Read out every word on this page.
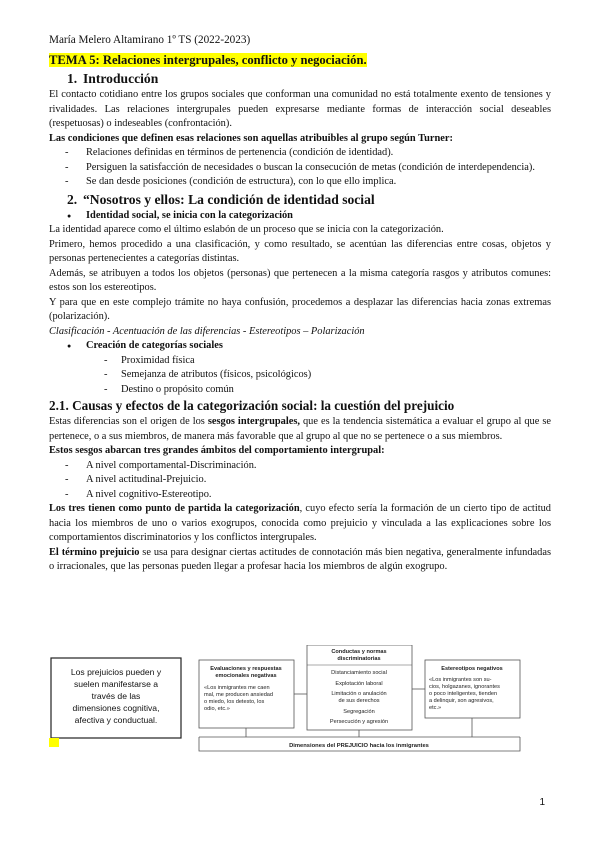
María Melero Altamirano 1º TS (2022-2023)
TEMA 5: Relaciones intergrupales, conflicto y negociación.
1. Introducción
El contacto cotidiano entre los grupos sociales que conforman una comunidad no está totalmente exento de tensiones y rivalidades. Las relaciones intergrupales pueden expresarse mediante formas de interacción social deseables (respetuosas) o indeseables (confrontación).
Las condiciones que definen esas relaciones son aquellas atribuibles al grupo según Turner:
- Relaciones definidas en términos de pertenencia (condición de identidad).
- Persiguen la satisfacción de necesidades o buscan la consecución de metas (condición de interdependencia).
- Se dan desde posiciones (condición de estructura), con lo que ello implica.
2. “Nosotros y ellos: La condición de identidad social
● Identidad social, se inicia con la categorización
La identidad aparece como el último eslabón de un proceso que se inicia con la categorización.
Primero, hemos procedido a una clasificación, y como resultado, se acentúan las diferencias entre cosas, objetos y personas pertenecientes a categorías distintas.
Además, se atribuyen a todos los objetos (personas) que pertenecen a la misma categoría rasgos y atributos comunes: estos son los estereotipos.
Y para que en este complejo trámite no haya confusión, procedemos a desplazar las diferencias hacia zonas extremas (polarización).
Clasificación - Acentuación de las diferencias - Estereotipos – Polarización
● Creación de categorías sociales
- Proximidad física
- Semejanza de atributos (físicos, psicológicos)
- Destino o propósito común
2.1. Causas y efectos de la categorización social: la cuestión del prejuicio
Estas diferencias son el origen de los sesgos intergrupales, que es la tendencia sistemática a evaluar el grupo al que se pertenece, o a sus miembros, de manera más favorable que al grupo al que no se pertenece o a sus miembros.
Estos sesgos abarcan tres grandes ámbitos del comportamiento intergrupal:
- A nivel comportamental-Discriminación.
- A nivel actitudinal-Prejuicio.
- A nivel cognitivo-Estereotipo.
Los tres tienen como punto de partida la categorización, cuyo efecto sería la formación de un cierto tipo de actitud hacia los miembros de uno o varios exogrupos, conocida como prejuicio y vinculada a las explicaciones sobre los comportamientos discriminatorios y los conflictos intergrupales.
El término prejuicio se usa para designar ciertas actitudes de connotación más bien negativa, generalmente infundadas o irracionales, que las personas pueden llegar a profesar hacia los miembros de algún exogrupo.
Los prejuicios pueden y
suelen manifestarse a
través de las
dimensiones cognitiva,
afectiva y conductual.
Evaluaciones y respuestas
emocionales negativas
«Los inmigrantes me caen
mal, me producen ansiedad
o miedo, los detesto, los
odio, etc.»
Conductas y normas
discriminatorias
Distanciamiento social
Explotación laboral
Limitación o anulación
de sus derechos
Segregación
Persecución y agresión
Estereotipos negativos
«Los inmigrantes son su-
cios, holgazanes, ignorantes
o poco inteligentes, tienden
a delinquir, son agresivos,
etc.»
Dimensiones del PREJUICIO hacia los inmigrantes
1
